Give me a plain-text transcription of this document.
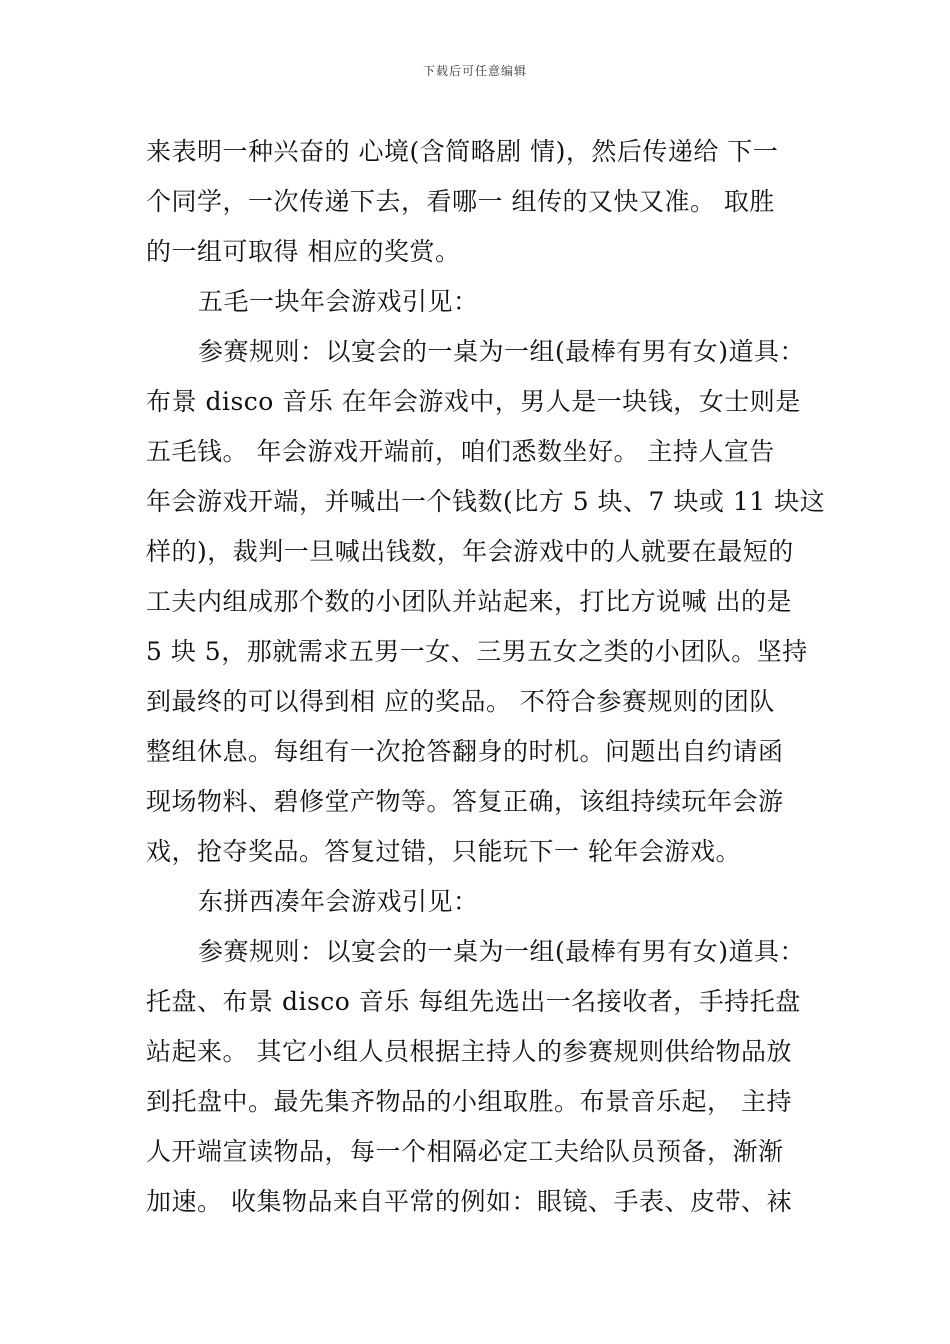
下载后可任意编辑
来表明一种兴奋的 心境(含简略剧 情)，然后传递给 下一
个同学，一次传递下去，看哪一 组传的又快又准。 取胜
的一组可取得 相应的奖赏。
五毛一块年会游戏引见：
参赛规则：以宴会的一桌为一组(最棒有男有女)道具：
布景 disco 音乐 在年会游戏中，男人是一块钱，女士则是
五毛钱。 年会游戏开端前，咱们悉数坐好。 主持人宣告
年会游戏开端，并喊出一个钱数(比方 5 块、7 块或 11 块这
样的)，裁判一旦喊出钱数，年会游戏中的人就要在最短的
工夫内组成那个数的小团队并站起来，打比方说喊 出的是
5 块 5，那就需求五男一女、三男五女之类的小团队。坚持
到最终的可以得到相 应的奖品。 不符合参赛规则的团队
整组休息。每组有一次抢答翻身的时机。问题出自约请函
现场物料、碧修堂产物等。答复正确，该组持续玩年会游
戏，抢夺奖品。答复过错，只能玩下一 轮年会游戏。
东拼西凑年会游戏引见：
参赛规则：以宴会的一桌为一组(最棒有男有女)道具：
托盘、布景 disco 音乐 每组先选出一名接收者，手持托盘
站起来。 其它小组人员根据主持人的参赛规则供给物品放
到托盘中。最先集齐物品的小组取胜。布景音乐起， 主持
人开端宣读物品，每一个相隔必定工夫给队员预备，渐渐
加速。 收集物品来自平常的例如：眼镜、手表、皮带、袜
